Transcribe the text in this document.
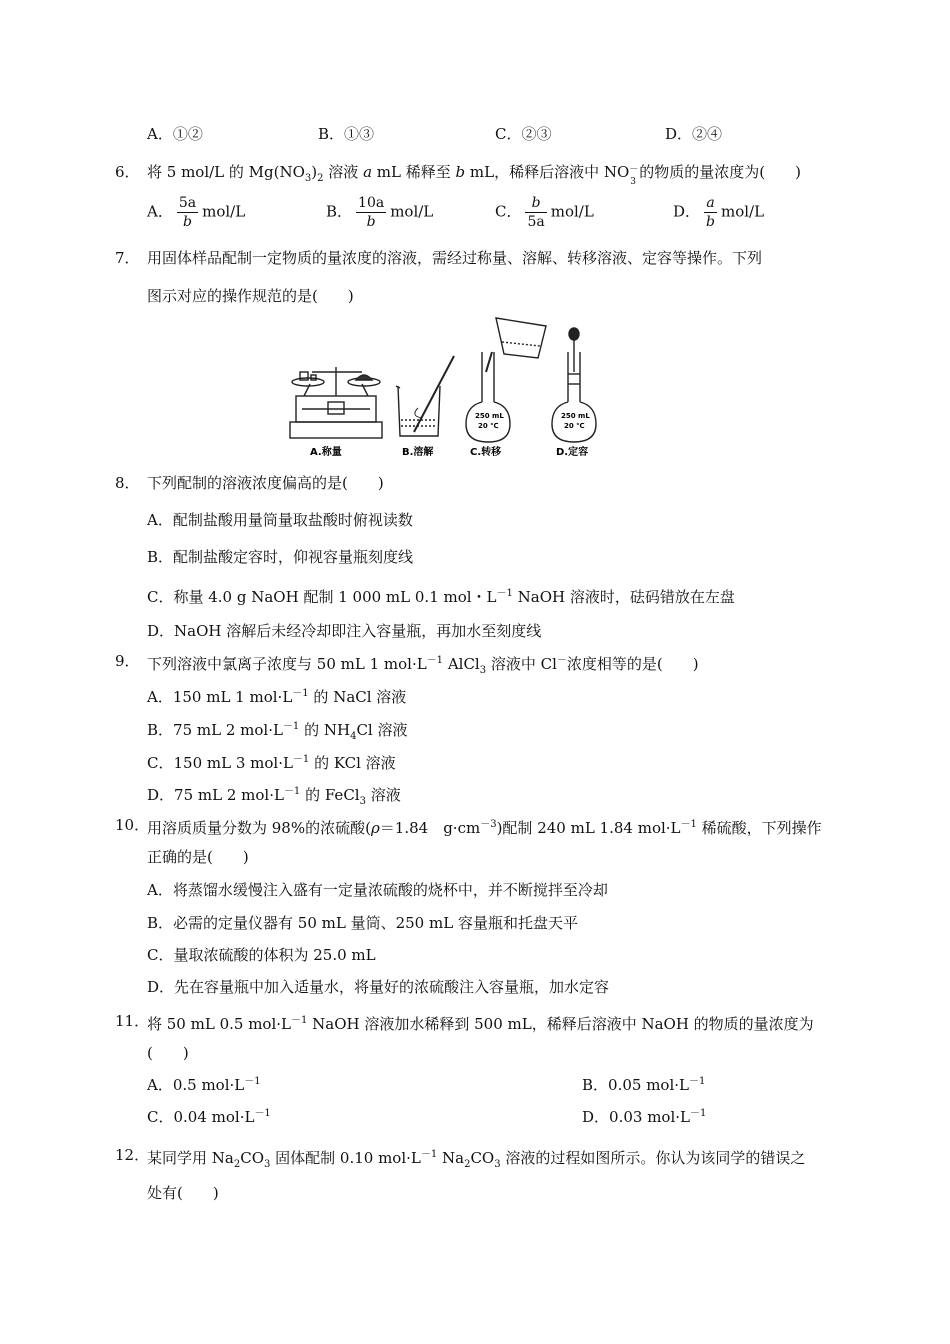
A．①②	B．①③	C．②③	D．②④
6． 将 5 mol/L 的 $Mg(NO_3)_2$ 溶液 a mL 稀释至 b mL，稀释后溶液中 NO －
3
的物质的量浓度为(　　)
A． $\frac{5a}{b} mol/L$	B． $\frac{10a}{b} mol/L$	C． $\frac{b}{5a} mol/L$	D． $\frac{a}{b} mol/L$
7． 用固体样品配制一定物质的量浓度的溶液，需经过称量、溶解、转移溶液、定容等操作。下列
图示对应的操作规范的是(　　)
A.称量	B.溶解
250 mL
20 ℃
C.转移
250 mL
20 ℃
D.定容
8． 下列配制的溶液浓度偏高的是(　　)
A．配制盐酸用量筒量取盐酸时俯视读数
B．配制盐酸定容时，仰视容量瓶刻度线
C．称量 4.0 g NaOH 配制 1 000 mL 0.1 mol・$L^{-1}$ NaOH 溶液时，砝码错放在左盘
D．NaOH 溶解后未经冷却即注入容量瓶，再加水至刻度线
9． 下列溶液中氯离子浓度与 50 mL 1 $mol\cdot L^{-1}$ AlCl$_3$ 溶液中 Cl－浓度相等的是(　　)
A．150 mL 1 $mol\cdot L^{-1}$ 的 NaCl 溶液
B．75 mL 2 $mol\cdot L^{-1}$ 的 $NH_4Cl$ 溶液
C．150 mL 3 $mol\cdot L^{-1}$ 的 KCl 溶液
D．75 mL 2 $mol\cdot L^{-1}$ 的 FeCl$_3$ 溶液
10．
用溶质质量分数为 98%的浓硫酸(ρ＝1.84　$g\cdot cm^{-3}$)配制 240 mL 1.84 $mol\cdot L^{-1}$ 稀硫酸，下列操作
正确的是(　　)
A．将蒸馏水缓慢注入盛有一定量浓硫酸的烧杯中，并不断搅拌至冷却
B．必需的定量仪器有 50 mL 量筒、250 mL 容量瓶和托盘天平
C．量取浓硫酸的体积为 25.0 mL
D．先在容量瓶中加入适量水，将量好的浓硫酸注入容量瓶，加水定容
11．
将 50 mL 0.5 $mol\cdot L^{-1}$ NaOH 溶液加水稀释到 500 mL，稀释后溶液中 NaOH 的物质的量浓度为
(　　)
A．0.5 $mol\cdot L^{-1}$	B．0.05 $mol\cdot L^{-1}$
C．0.04 $mol\cdot L^{-1}$	D．0.03 $mol\cdot L^{-1}$
12．
某同学用 $Na_2CO_3$ 固体配制 0.10 $mol\cdot L^{-1}$ $Na_2CO_3$ 溶液的过程如图所示。你认为该同学的错误之
处有(　　)
